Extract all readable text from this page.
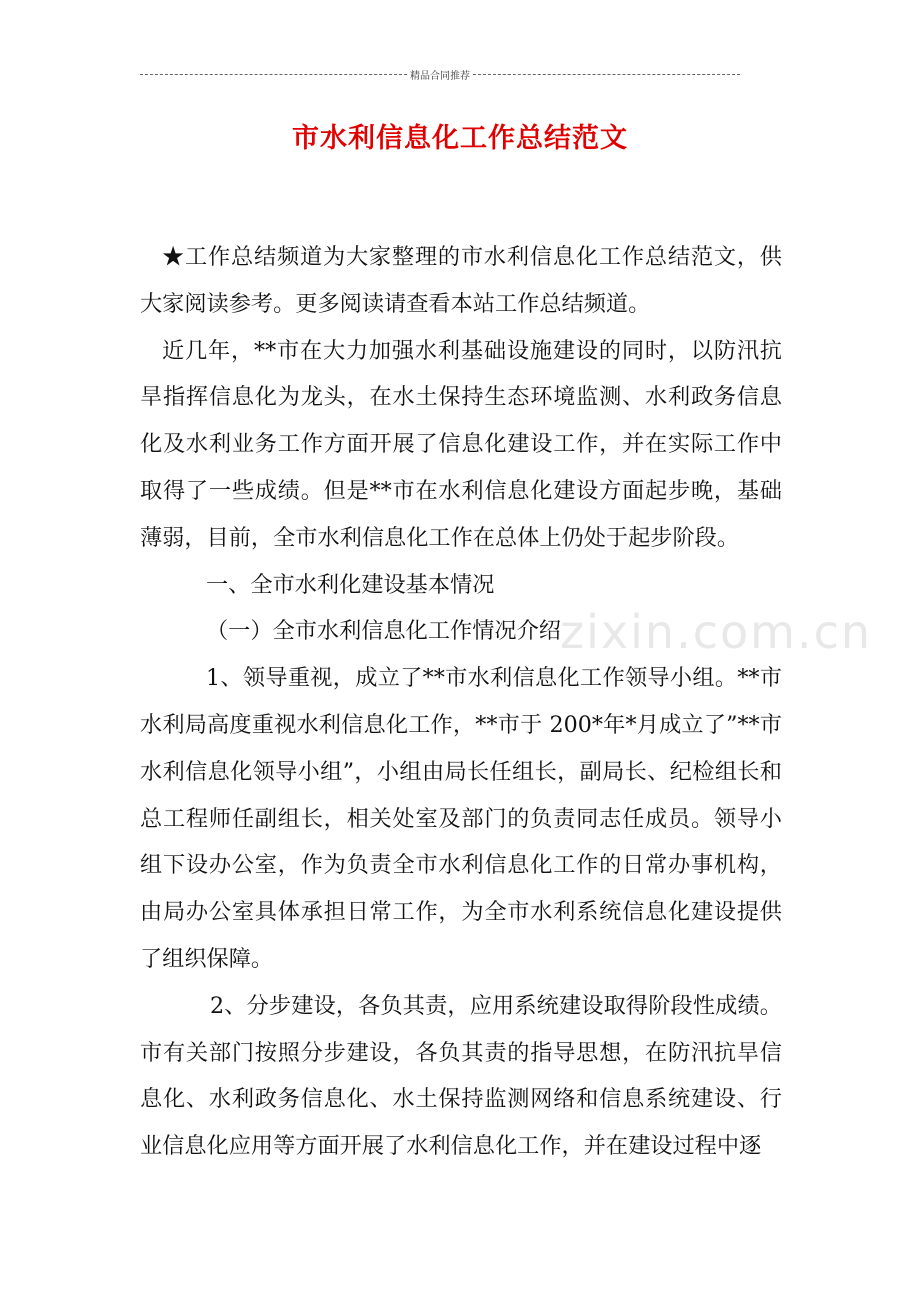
精品合同推荐
市水利信息化工作总结范文
zixin.com.cn

★工作总结频道为大家整理的市水利信息化工作总结范文，供大家阅读参考。更多阅读请查看本站工作总结频道。

近几年，**市在大力加强水利基础设施建设的同时，以防汛抗旱指挥信息化为龙头，在水土保持生态环境监测、水利政务信息化及水利业务工作方面开展了信息化建设工作，并在实际工作中取得了一些成绩。但是**市在水利信息化建设方面起步晚，基础薄弱，目前，全市水利信息化工作在总体上仍处于起步阶段。

一、全市水利化建设基本情况

（一）全市水利信息化工作情况介绍

1、领导重视，成立了**市水利信息化工作领导小组。**市水利局高度重视水利信息化工作，**市于 200*年*月成立了”**市水利信息化领导小组”，小组由局长任组长，副局长、纪检组长和总工程师任副组长，相关处室及部门的负责同志任成员。领导小组下设办公室，作为负责全市水利信息化工作的日常办事机构，由局办公室具体承担日常工作，为全市水利系统信息化建设提供了组织保障。

2、分步建设，各负其责，应用系统建设取得阶段性成绩。市有关部门按照分步建设，各负其责的指导思想，在防汛抗旱信息化、水利政务信息化、水土保持监测网络和信息系统建设、行业信息化应用等方面开展了水利信息化工作，并在建设过程中逐
